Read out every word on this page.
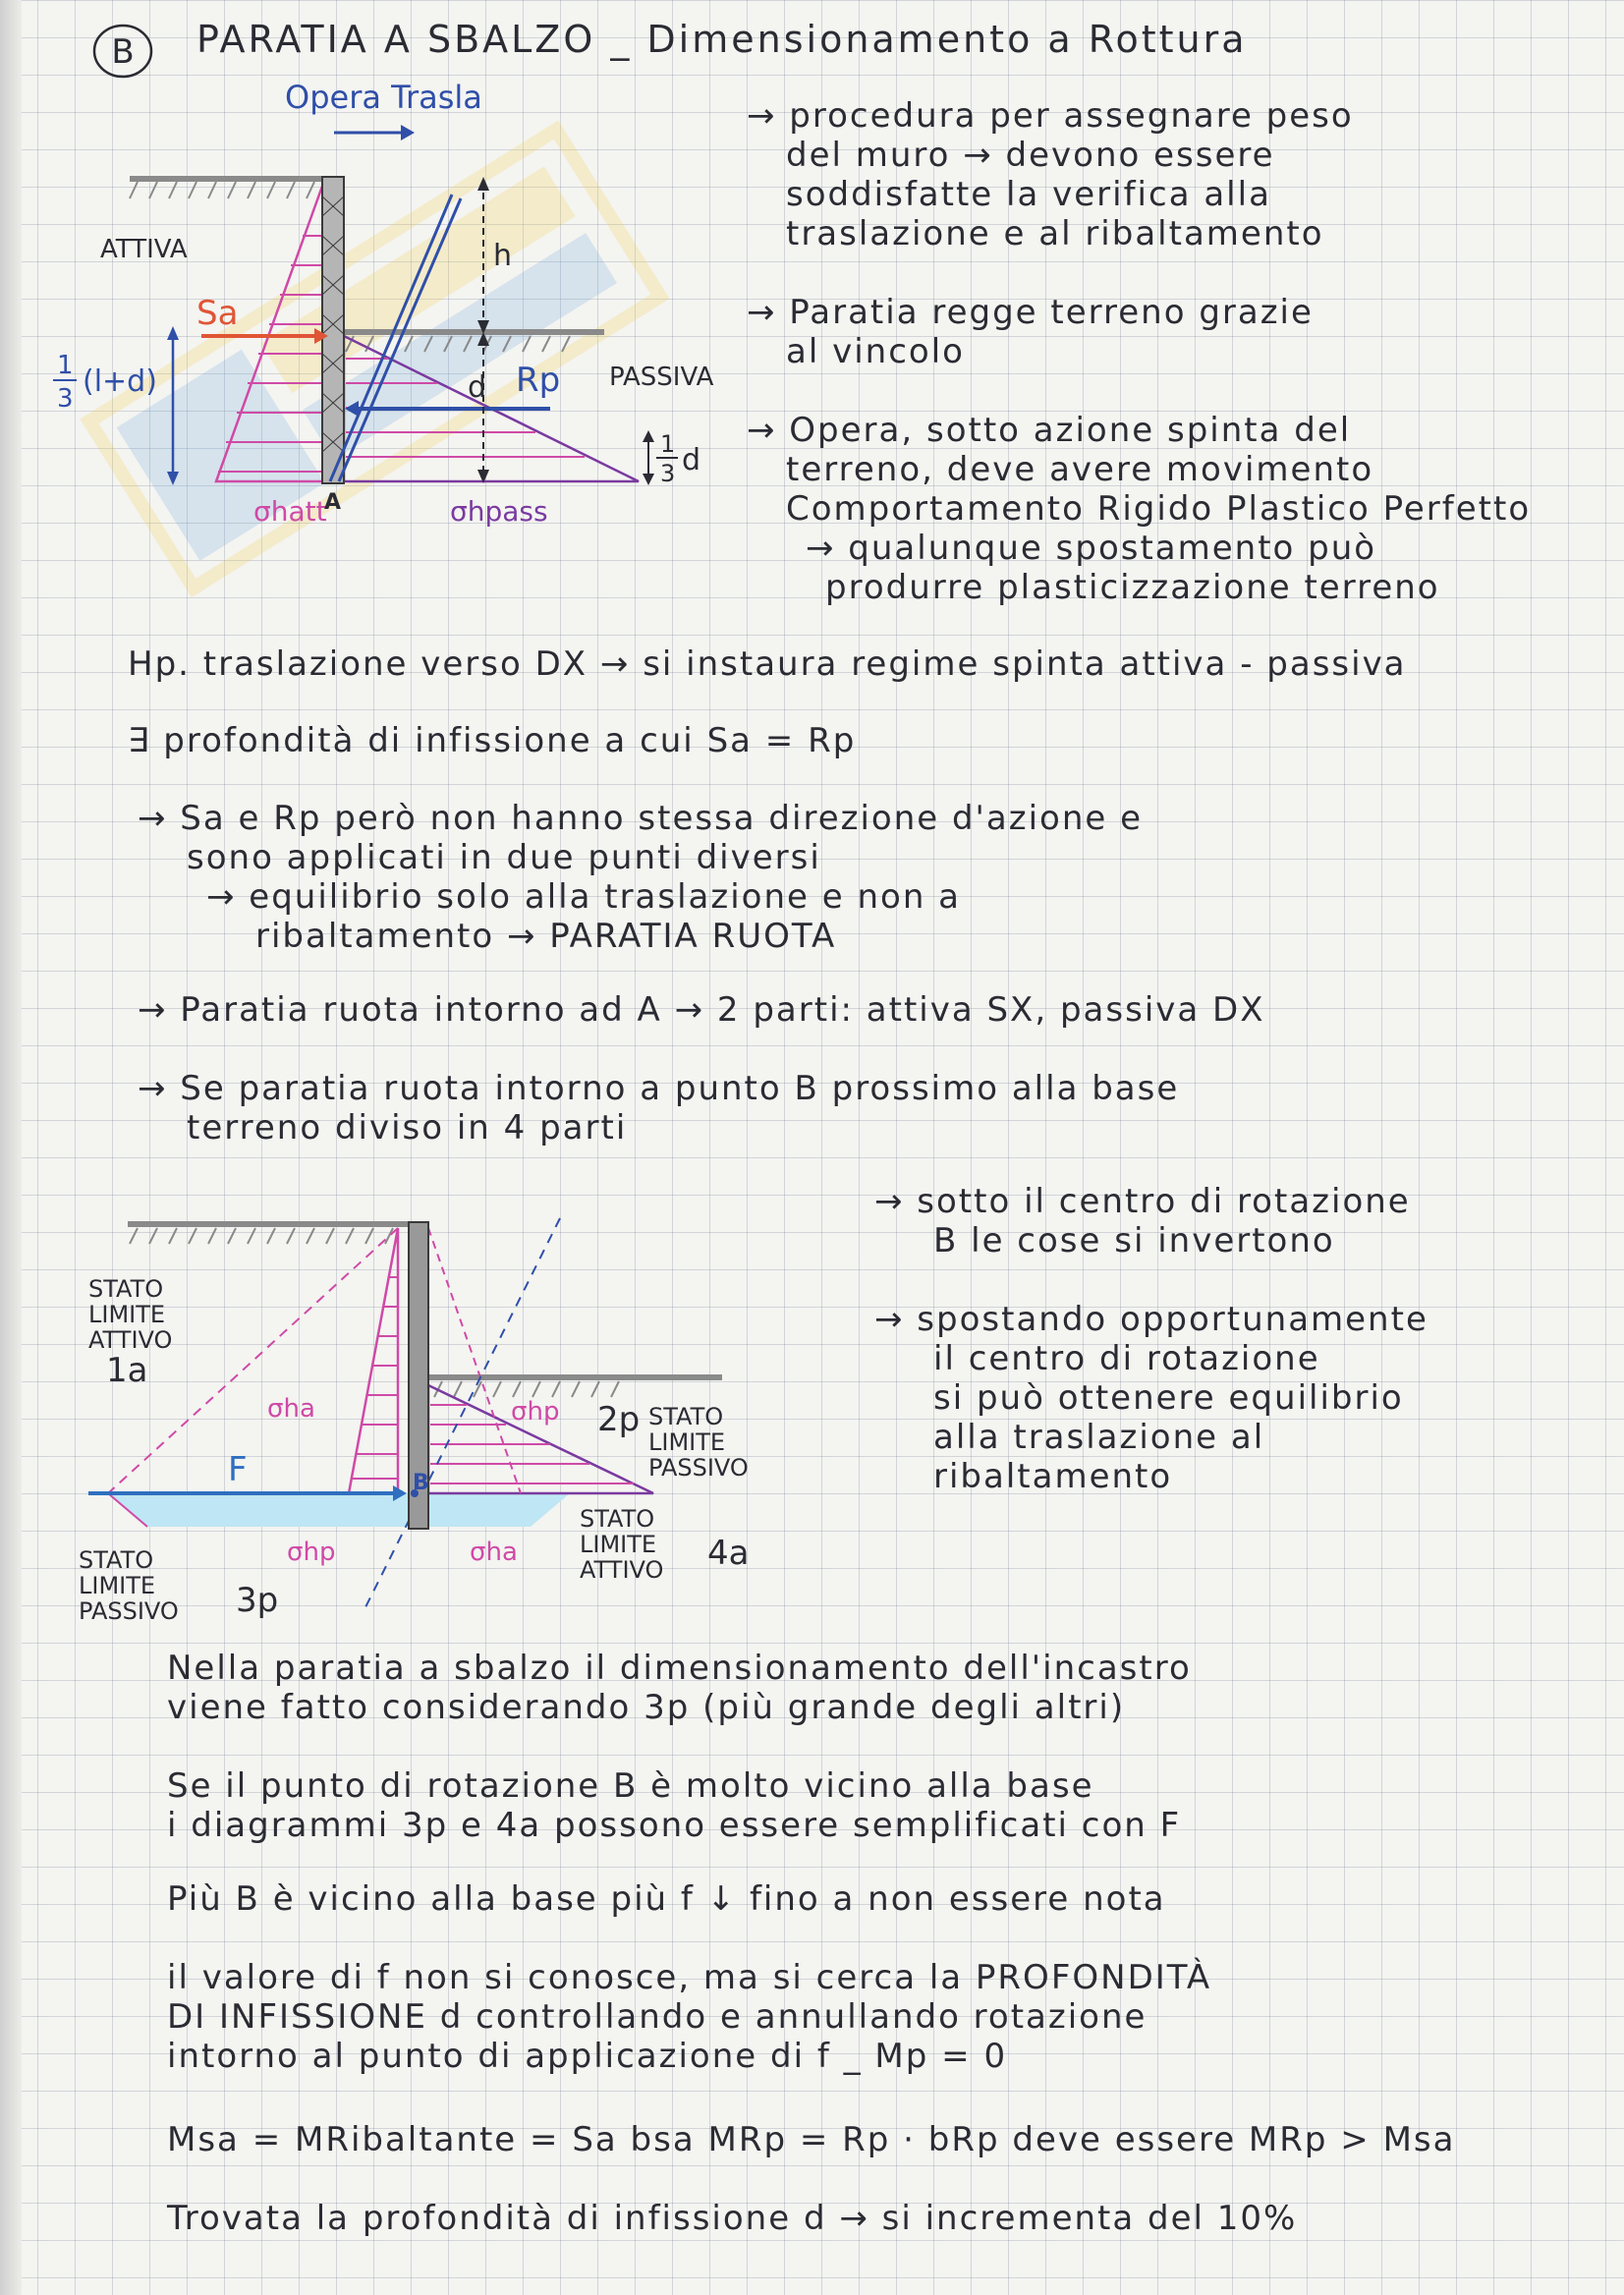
B PARATIA A SBALZO _ Dimensionamento a Rottura
Opera Trasla
ATTIVA
PASSIVA
Sa
Rp
1
3 (l+d)
h
d
1
3 d
σhatt	σhpass
A
→ procedura per assegnare peso
del muro → devono essere
soddisfatte la verifica alla
traslazione e al ribaltamento
→ Paratia regge terreno grazie
al vincolo
→ Opera, sotto azione spinta del
terreno, deve avere movimento
Comportamento Rigido Plastico Perfetto
→ qualunque spostamento può
produrre plasticizzazione terreno
Hp. traslazione verso DX → si instaura regime spinta attiva - passiva
∃ profondità di infissione a cui Sa = Rp
→ Sa e Rp però non hanno stessa direzione d'azione e
sono applicati in due punti diversi
→ equilibrio solo alla traslazione e non a
ribaltamento → PARATIA RUOTA
→ Paratia ruota intorno ad A → 2 parti: attiva SX, passiva DX
→ Se paratia ruota intorno a punto B prossimo alla base
terreno diviso in 4 parti
B
F
STATO LIMITE ATTIVO
1a
σha
σhp
STATO LIMITE PASSIVO 3p
σhp 2p STATO LIMITE PASSIVO
σha
STATO LIMITE ATTIVO 4a
→ sotto il centro di rotazione
B le cose si invertono
→ spostando opportunamente
il centro di rotazione
si può ottenere equilibrio
alla traslazione al
ribaltamento
Nella paratia a sbalzo il dimensionamento dell'incastro
viene fatto considerando 3p (più grande degli altri)
Se il punto di rotazione B è molto vicino alla base
i diagrammi 3p e 4a possono essere semplificati con F
Più B è vicino alla base più f ↓ fino a non essere nota
il valore di f non si conosce, ma si cerca la PROFONDITÀ
DI INFISSIONE d controllando e annullando rotazione
intorno al punto di applicazione di f _ Mp = 0
Msa = MRibaltante = Sa bsa MRp = Rp · bRp deve essere MRp > Msa
Trovata la profondità di infissione d → si incrementa del 10%
